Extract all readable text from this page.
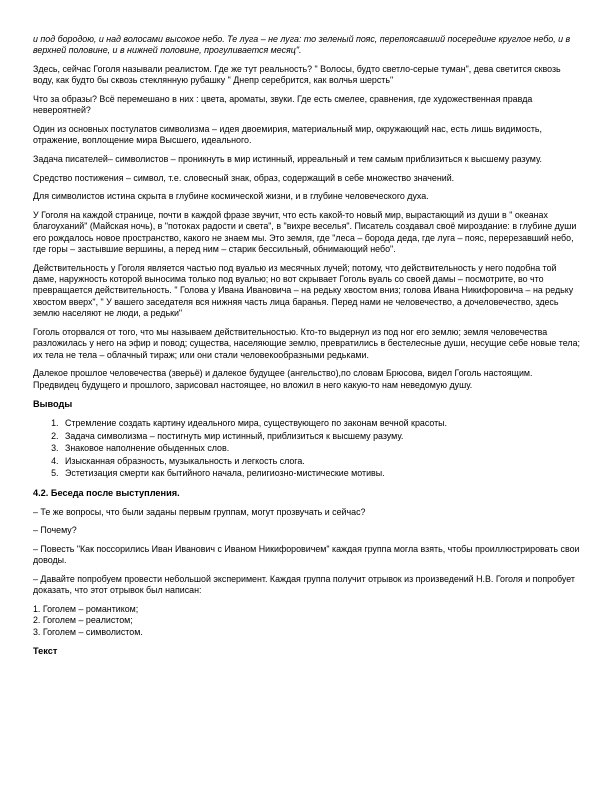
и под бородою, и над волосами высокое небо. Те луга – не луга: то зеленый пояс, перепоясавший посередине круглое небо, и в верхней половине, и в нижней половине, прогуливается месяц".

Здесь, сейчас Гоголя называли реалистом. Где же тут реальность? " Волосы, будто светло-серые туман", дева светится сквозь воду, как будто бы сквозь стеклянную рубашку " Днепр серебрится, как волчья шерсть"

Что за образы? Всё перемешано в них : цвета, ароматы, звуки. Где есть смелее, сравнения, где художественная правда невероятней?

Один из основных постулатов символизма – идея двоемирия, материальный мир, окружающий нас, есть лишь видимость, отражение, воплощение мира Высшего, идеального.

Задача писателей– символистов – проникнуть в мир истинный, ирреальный и тем самым приблизиться к высшему разуму.

Средство постижения – символ, т.е. словесный знак, образ, содержащий в себе множество значений.

Для символистов истина скрыта в глубине космической жизни, и в глубине человеческого духа.

У Гоголя на каждой странице, почти в каждой фразе звучит, что есть какой-то новый мир, вырастающий из души в " океанах благоуханий" (Майская ночь), в "потоках радости и света", в "вихре веселья". Писатель создавал своё мироздание: в глубине души его рождалось новое пространство, какого не знаем мы. Это земля, где "леса – борода деда, где луга – пояс, перерезавший небо, где горы – застывшие вершины, а перед ним – старик бессильный, обнимающий небо".

Действительность у Гоголя является частью под вуалью из месячных лучей; потому, что действительность у него подобна той даме, наружность которой выносима только под вуалью; но вот скрывает Гоголь вуаль со своей дамы – посмотрите, во что превращается действительность. " Голова у Ивана Ивановича – на редьку хвостом вниз; голова Ивана Никифоровича – на редьку хвостом вверх", " У вашего заседателя вся нижняя часть лица баранья. Перед нами не человечество, а дочеловечество, здесь землю населяют не люди, а редьки"

Гоголь оторвался от того, что мы называем действительностью. Кто-то выдернул из под ног его землю; земля человечества разложилась у него на эфир и повод; существа, населяющие землю, превратились в бестелесные души, несущие себе новые тела; их тела не тела – облачный тираж; или они стали человекообразными редьками.

Далекое прошлое человечества (зверьё) и далекое будущее (ангельство),по словам Брюсова, видел Гоголь настоящим. Предвидец будущего и прошлого, зарисовал настоящее, но вложил в него какую-то нам неведомую душу.

Выводы
1. Стремление создать картину идеального мира, существующего по законам вечной красоты.
2. Задача символизма – постигнуть мир истинный, приблизиться к высшему разуму.
3. Знаковое наполнение обыденных слов.
4. Изысканная образность, музыкальность и легкость слога.
5. Эстетизация смерти как бытийного начала, религиозно-мистические мотивы.
4.2. Беседа после выступления.

– Те же вопросы, что были заданы первым группам, могут прозвучать и сейчас?

– Почему?

– Повесть "Как поссорились Иван Иванович с Иваном Никифоровичем" каждая группа могла взять, чтобы проиллюстрировать свои доводы.

– Давайте попробуем провести небольшой эксперимент. Каждая группа получит отрывок из произведений Н.В. Гоголя и попробует доказать, что этот отрывок был написан:

1. Гоголем – романтиком;
2. Гоголем – реалистом;
3. Гоголем – символистом.
Текст
